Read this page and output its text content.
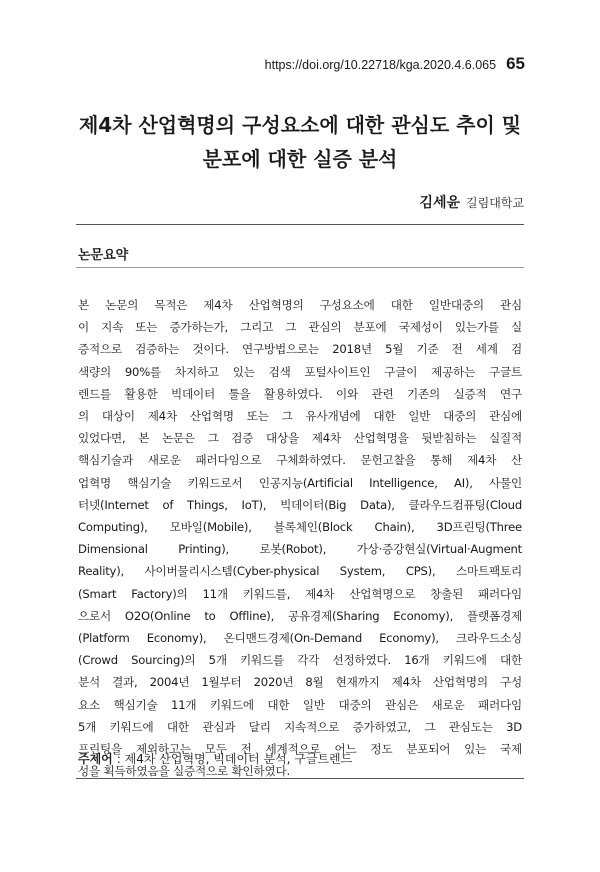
https://doi.org/10.22718/kga.2020.4.6.065 65
제4차 산업혁명의 구성요소에 대한 관심도 추이 및
분포에 대한 실증 분석
김세윤 길림대학교
논문요약
본 논문의 목적은 제4차 산업혁명의 구성요소에 대한 일반대중의 관심
이 지속 또는 증가하는가, 그리고 그 관심의 분포에 국제성이 있는가를 실
증적으로 검증하는 것이다. 연구방법으로는 2018년 5월 기준 전 세계 검
색량의 90%를 차지하고 있는 검색 포털사이트인 구글이 제공하는 구글트
렌드를 활용한 빅데이터 툴을 활용하였다. 이와 관련 기존의 실증적 연구
의 대상이 제4차 산업혁명 또는 그 유사개념에 대한 일반 대중의 관심에
있었다면, 본 논문은 그 검증 대상을 제4차 산업혁명을 뒷받침하는 실질적
핵심기술과 새로운 패러다임으로 구체화하였다. 문헌고찰을 통해 제4차 산
업혁명 핵심기술 키워드로서 인공지능(Artificial Intelligence, AI), 사물인
터넷(Internet of Things, IoT), 빅데이터(Big Data), 클라우드컴퓨팅(Cloud
Computing), 모바일(Mobile), 블록체인(Block Chain), 3D프린팅(Three
Dimensional Printing), 로봇(Robot), 가상·증강현실(Virtual·Augment
Reality), 사이버물리시스템(Cyber-physical System, CPS), 스마트팩토리
(Smart Factory)의 11개 키워드를, 제4차 산업혁명으로 창출된 패러다임
으로서 O2O(Online to Offline), 공유경제(Sharing Economy), 플랫폼경제
(Platform Economy), 온디맨드경제(On-Demand Economy), 크라우드소싱
(Crowd Sourcing)의 5개 키워드를 각각 선정하였다. 16개 키워드에 대한
분석 결과, 2004년 1월부터 2020년 8월 현재까지 제4차 산업혁명의 구성
요소 핵심기술 11개 키워드에 대한 일반 대중의 관심은 새로운 패러다임
5개 키워드에 대한 관심과 달리 지속적으로 증가하였고, 그 관심도는 3D
프린팅을 제외하고는 모두 전 세계적으로 어느 정도 분포되어 있는 국제
성을 획득하였음을 실증적으로 확인하였다.
주제어 : 제4차 산업혁명, 빅데이터 분석, 구글트렌드
